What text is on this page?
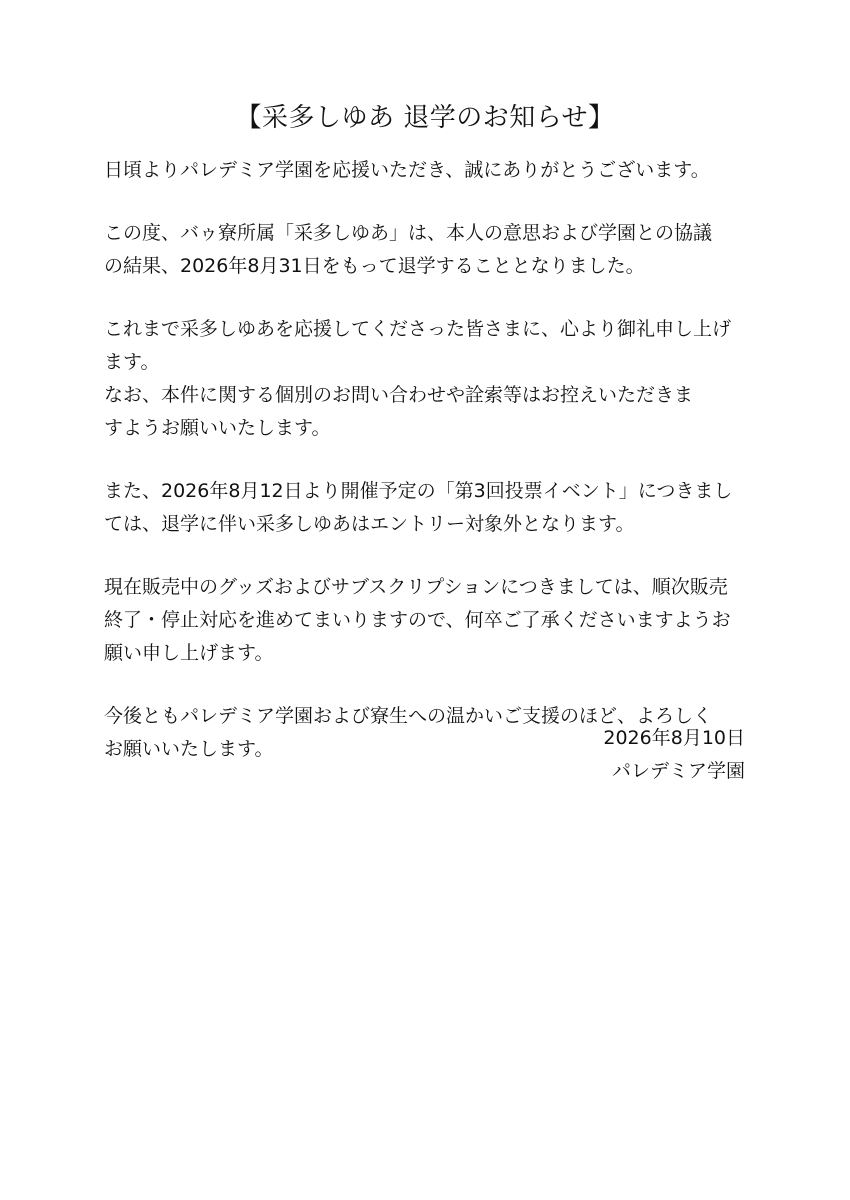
【采多しゆあ 退学のお知らせ】
日頃よりパレデミア学園を応援いただき、誠にありがとうございます。
この度、バゥ寮所属「采多しゆあ」は、本人の意思および学園との協議
の結果、2026年8月31日をもって退学することとなりました。
これまで采多しゆあを応援してくださった皆さまに、心より御礼申し上げ
ます。
なお、本件に関する個別のお問い合わせや詮索等はお控えいただきま
すようお願いいたします。
また、2026年8月12日より開催予定の「第3回投票イベント」につきまし
ては、退学に伴い采多しゆあはエントリー対象外となります。
現在販売中のグッズおよびサブスクリプションにつきましては、順次販売
終了・停止対応を進めてまいりますので、何卒ご了承くださいますようお
願い申し上げます。
今後ともパレデミア学園および寮生への温かいご支援のほど、よろしく
お願いいたします。	2026年8月10日
パレデミア学園
